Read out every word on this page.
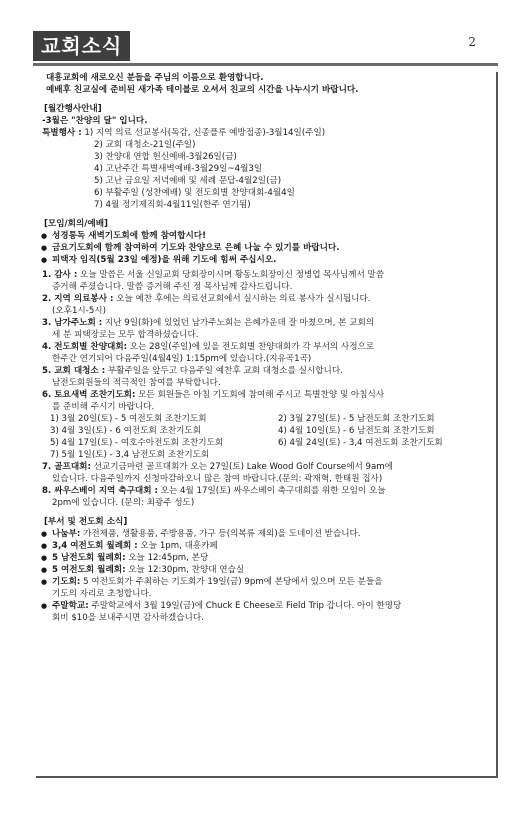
교회소식	2
대흥교회에 새로오신 분들을 주님의 이름으로 환영합니다.
예배후 친교실에 준비된 새가족 테이블로 오셔서 친교의 시간을 나누시기 바랍니다.
[월간행사안내]
-3월은 "찬양의 달" 입니다.
특별행사 : 1) 지역 의료 선교봉사(독감, 신종플루 예방접종)-3월14일(주일)
2) 교회 대청소-21일(주일)
3) 찬양대 연합 헌신예배-3월26일(금)
4) 고난주간 특별새벽예배-3월29일~4월3일
5) 고난 금요일 저녁예배 및 세례 문답-4월2일(금)
6) 부활주일 (성찬예배) 및 전도회별 찬양대회-4월4일
7) 4월 정기제직회-4월11일(한주 연기됨)
[모임/회의/예배]
● 성경통독 새벽기도회에 함께 참여합시다!
● 금요기도회에 함께 참여하여 기도와 찬양으로 은혜 나눌 수 있기를 바랍니다.
● 피택자 임직(5월 23일 예정)을 위해 기도에 힘써 주십시오.
1. 감사 : 오늘 말씀은 서울 신일교회 당회장이시며 황동노회장이신 정병업 목사님께서 말씀
증거해 주셨습니다. 말씀 증거해 주신 정 목사님께 감사드립니다.
2. 지역 의료봉사 : 오늘 예찬 후에는 의료선교회에서 실시하는 의료 봉사가 실시됩니다.
(오후1시-5시)
3. 남가주노회 : 지난 9일(화)에 있었던 남가주노회는 은혜가운데 잘 마쳤으며, 본 교회의
세 분 피택장로는 모두 합격하셨습니다.
4. 전도회별 찬양대회: 오는 28일(주일)에 있을 전도회별 찬양대회가 각 부서의 사정으로
한주간 연기되어 다음주일(4월4일) 1:15pm에 있습니다.(지유곡1곡)
5. 교회 대청소 : 부활주일을 앞두고 다음주일 예찬후 교회 대청소를 실시합니다.
남전도회원들의 적극적인 참여를 부탁합니다.
6. 토요새벽 조찬기도회: 모든 회원들은 아침 기도회에 참여해 주시고 특별찬양 및 아침식사
를 준비해 주시기 바랍니다.
1) 3월 20일(토) - 5 여전도회 조찬기도회	2) 3월 27일(토) - 5 남전도회 조찬기도회
3) 4월 3일(토) - 6 여전도회 조찬기도회	4) 4월 10일(토) - 6 남전도회 조찬기도회
5) 4월 17일(토) - 여호수아전도회 조찬기도회	6) 4월 24일(토) - 3,4 여전도회 조찬기도회
7) 5월 1일(토) - 3,4 남전도회 조찬기도회
7. 골프대회: 선교기금마련 골프대회가 오는 27일(토) Lake Wood Golf Course에서 9am에
있습니다. 다음주일까지 신청마감하오니 많은 참여 바랍니다.(문의: 곽재혁, 한태원 집사)
8. 싸우스베이 지역 축구대회 : 오는 4월 17일(토) 싸우스베이 축구대회를 위한 모임이 오늘
2pm에 있습니다. (문의: 최광주 성도)
[부서 및 전도회 소식]
● 나눔부: 가전제품, 생활용품, 주방용품, 가구 등(의복류 제외)을 도네이션 받습니다.
● 3,4 여전도회 월례회 : 오늘 1pm, 대흥카페
● 5 남전도회 월례회: 오늘 12:45pm, 본당
● 5 여전도회 월례회: 오늘 12:30pm, 찬양대 연습실
● 기도회: 5 여전도회가 주최하는 기도회가 19일(금) 9pm에 본당에서 있으며 모든 분들을
기도의 자리로 초청합니다.
● 주말학교: 주말학교에서 3월 19일(금)에 Chuck E Cheese로 Field Trip 갑니다. 아이 한명당
회비 $10을 보내주시면 감사하겠습니다.
